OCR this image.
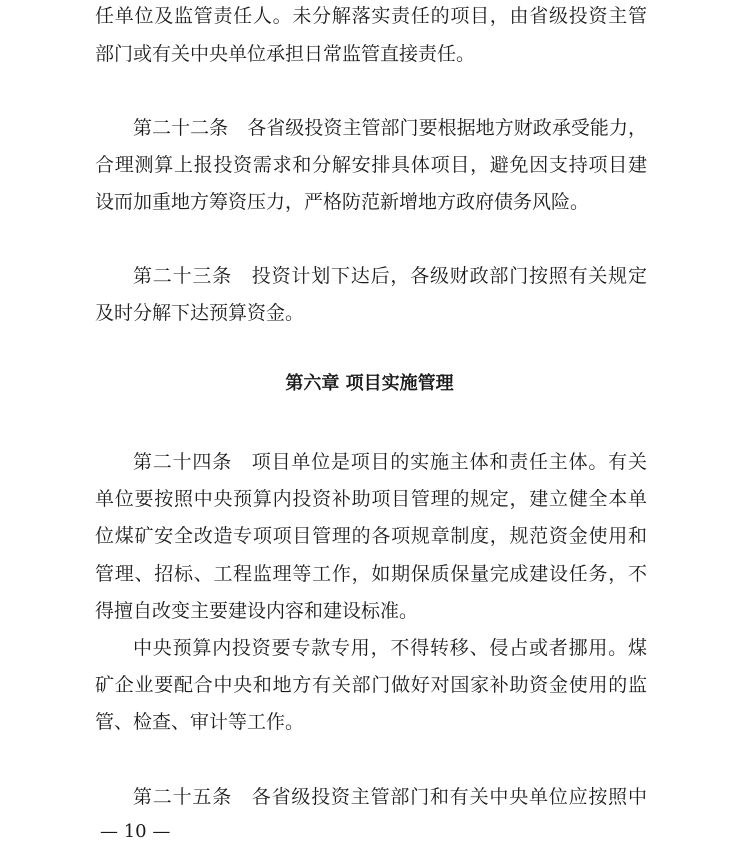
任单位及监管责任人。未分解落实责任的项目，由省级投资主管
部门或有关中央单位承担日常监管直接责任。
第二十二条　各省级投资主管部门要根据地方财政承受能力，
合理测算上报投资需求和分解安排具体项目，避免因支持项目建
设而加重地方筹资压力，严格防范新增地方政府债务风险。
第二十三条　投资计划下达后，各级财政部门按照有关规定
及时分解下达预算资金。
第六章 项目实施管理
第二十四条　项目单位是项目的实施主体和责任主体。有关
单位要按照中央预算内投资补助项目管理的规定，建立健全本单
位煤矿安全改造专项项目管理的各项规章制度，规范资金使用和
管理、招标、工程监理等工作，如期保质保量完成建设任务，不
得擅自改变主要建设内容和建设标准。
中央预算内投资要专款专用，不得转移、侵占或者挪用。煤
矿企业要配合中央和地方有关部门做好对国家补助资金使用的监
管、检查、审计等工作。
第二十五条　各省级投资主管部门和有关中央单位应按照中
— 10 —
